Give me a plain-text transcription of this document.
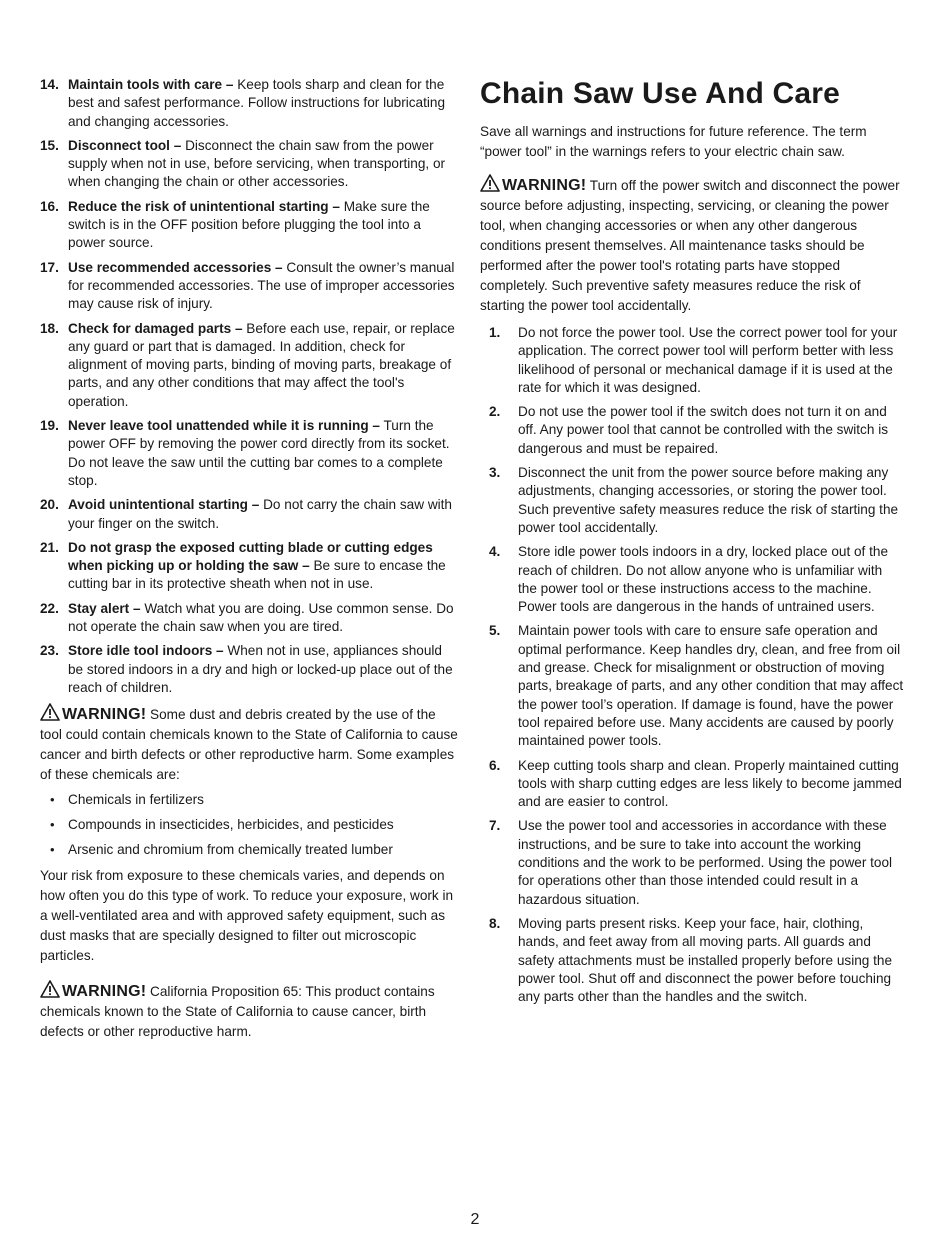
14. Maintain tools with care – Keep tools sharp and clean for the best and safest performance. Follow instructions for lubricating and changing accessories.
15. Disconnect tool – Disconnect the chain saw from the power supply when not in use, before servicing, when transporting, or when changing the chain or other accessories.
16. Reduce the risk of unintentional starting – Make sure the switch is in the OFF position before plugging the tool into a power source.
17. Use recommended accessories – Consult the owner’s manual for recommended accessories. The use of improper accessories may cause risk of injury.
18. Check for damaged parts – Before each use, repair, or replace any guard or part that is damaged. In addition, check for alignment of moving parts, binding of moving parts, breakage of parts, and any other conditions that may affect the tool's operation.
19. Never leave tool unattended while it is running – Turn the power OFF by removing the power cord directly from its socket. Do not leave the saw until the cutting bar comes to a complete stop.
20. Avoid unintentional starting – Do not carry the chain saw with your finger on the switch.
21. Do not grasp the exposed cutting blade or cutting edges when picking up or holding the saw – Be sure to encase the cutting bar in its protective sheath when not in use.
22. Stay alert – Watch what you are doing. Use common sense. Do not operate the chain saw when you are tired.
23. Store idle tool indoors – When not in use, appliances should be stored indoors in a dry and high or locked-up place out of the reach of children.
WARNING! Some dust and debris created by the use of the tool could contain chemicals known to the State of California to cause cancer and birth defects or other reproductive harm. Some examples of these chemicals are:
• Chemicals in fertilizers
• Compounds in insecticides, herbicides, and pesticides
• Arsenic and chromium from chemically treated lumber

Your risk from exposure to these chemicals varies, and depends on how often you do this type of work. To reduce your exposure, work in a well-ventilated area and with approved safety equipment, such as dust masks that are specially designed to filter out microscopic particles.

WARNING! California Proposition 65: This product contains chemicals known to the State of California to cause cancer, birth defects or other reproductive harm.
Chain Saw Use And Care

Save all warnings and instructions for future reference. The term “power tool” in the warnings refers to your electric chain saw.

WARNING! Turn off the power switch and disconnect the power source before adjusting, inspecting, servicing, or cleaning the power tool, when changing accessories or when any other dangerous conditions present themselves. All maintenance tasks should be performed after the power tool's rotating parts have stopped completely. Such preventive safety measures reduce the risk of starting the power tool accidentally.
1. Do not force the power tool. Use the correct power tool for your application. The correct power tool will perform better with less likelihood of personal or mechanical damage if it is used at the rate for which it was designed.
2. Do not use the power tool if the switch does not turn it on and off. Any power tool that cannot be controlled with the switch is dangerous and must be repaired.
3. Disconnect the unit from the power source before making any adjustments, changing accessories, or storing the power tool. Such preventive safety measures reduce the risk of starting the power tool accidentally.
4. Store idle power tools indoors in a dry, locked place out of the reach of children. Do not allow anyone who is unfamiliar with the power tool or these instructions access to the machine. Power tools are dangerous in the hands of untrained users.
5. Maintain power tools with care to ensure safe operation and optimal performance. Keep handles dry, clean, and free from oil and grease. Check for misalignment or obstruction of moving parts, breakage of parts, and any other condition that may affect the power tool’s operation. If damage is found, have the power tool repaired before use. Many accidents are caused by poorly maintained power tools.
6. Keep cutting tools sharp and clean. Properly maintained cutting tools with sharp cutting edges are less likely to become jammed and are easier to control.
7. Use the power tool and accessories in accordance with these instructions, and be sure to take into account the working conditions and the work to be performed. Using the power tool for operations other than those intended could result in a hazardous situation.
8. Moving parts present risks. Keep your face, hair, clothing, hands, and feet away from all moving parts. All guards and safety attachments must be installed properly before using the power tool. Shut off and disconnect the power before touching any parts other than the handles and the switch.
2
